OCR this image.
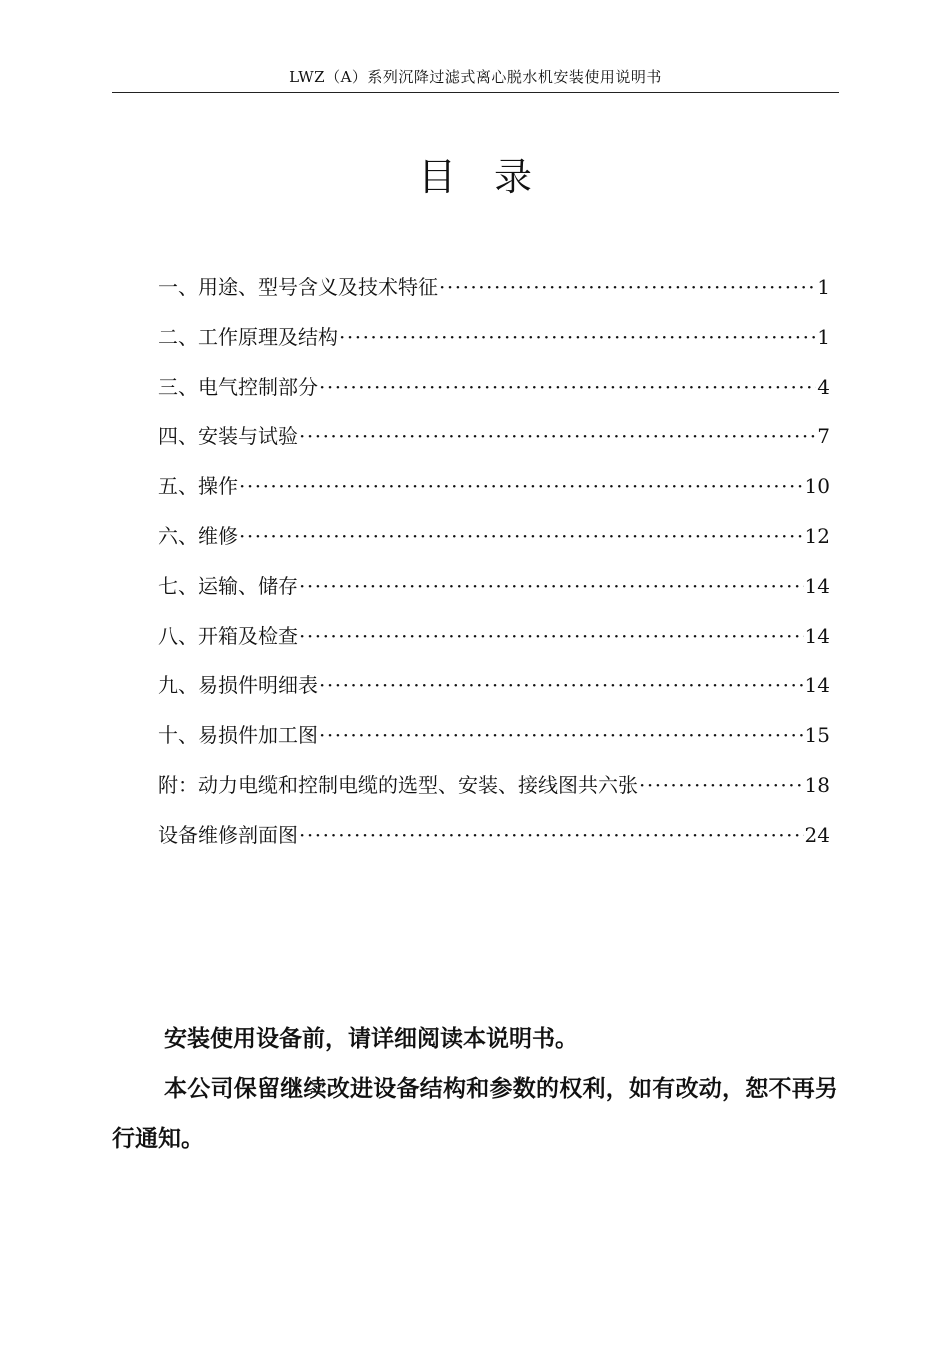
LWZ（A）系列沉降过滤式离心脱水机安装使用说明书
目录
一、用途、型号含义及技术特征 ·····	1
二、工作原理及结构 ·····	1
三、电气控制部分 ·····	4
四、安装与试验 ·····	7
五、操作 ·····	10
六、维修 ·····	12
七、运输、储存 ·····	14
八、开箱及检查 ·····	14
九、易损件明细表 ·····	14
十、易损件加工图 ·····	15
附：动力电缆和控制电缆的选型、安装、接线图共六张 ·····	18
设备维修剖面图 ·····	24

安装使用设备前，请详细阅读本说明书。

本公司保留继续改进设备结构和参数的权利，如有改动，恕不再另行通知。
